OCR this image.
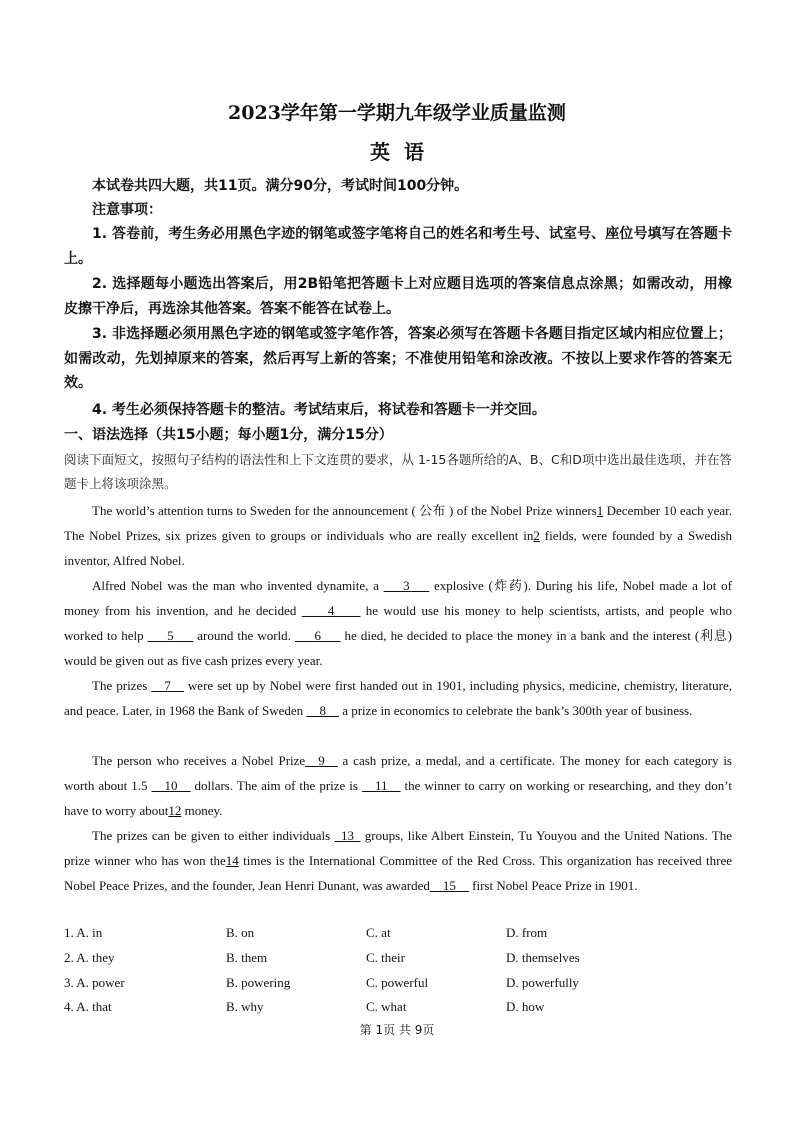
2023学年第一学期九年级学业质量监测
英语
本试卷共四大题，共11页。满分90分，考试时间100分钟。
注意事项：
1. 答卷前，考生务必用黑色字迹的钢笔或签字笔将自己的姓名和考生号、试室号、座位号填写在答题卡上。
2. 选择题每小题选出答案后，用2B铅笔把答题卡上对应题目选项的答案信息点涂黑；如需改动，用橡皮擦干净后，再选涂其他答案。答案不能答在试卷上。
3. 非选择题必须用黑色字迹的钢笔或签字笔作答，答案必须写在答题卡各题目指定区域内相应位置上；如需改动，先划掉原来的答案，然后再写上新的答案；不准使用铅笔和涂改液。不按以上要求作答的答案无效。
4. 考生必须保持答题卡的整洁。考试结束后，将试卷和答题卡一并交回。
一、语法选择（共15小题；每小题1分，满分15分）
阅读下面短文，按照句子结构的语法性和上下文连贯的要求，从 1-15各题所给的A、B、C和D项中选出最佳选项，并在答题卡上将该项涂黑。
The world’s attention turns to Sweden for the announcement ( 公布 ) of the Nobel Prize winners1 December 10 each year. The Nobel Prizes, six prizes given to groups or individuals who are really excellent in2 fields, were founded by a Swedish inventor, Alfred Nobel.
Alfred Nobel was the man who invented dynamite, a ___3___ explosive (炸药). During his life, Nobel made a lot of money from his invention, and he decided ____4____ he would use his money to help scientists, artists, and people who worked to help ___5___ around the world. ___6___ he died, he decided to place the money in a bank and the interest (利息) would be given out as five cash prizes every year.
The prizes __7__ were set up by Nobel were first handed out in 1901, including physics, medicine, chemistry, literature, and peace. Later, in 1968 the Bank of Sweden __8__ a prize in economics to celebrate the bank’s 300th year of business.
The person who receives a Nobel Prize__9__ a cash prize, a medal, and a certificate. The money for each category is worth about 1.5 __10__ dollars. The aim of the prize is __11__ the winner to carry on working or researching, and they don’t have to worry about12 money.
The prizes can be given to either individuals _13_ groups, like Albert Einstein, Tu Youyou and the United Nations. The prize winner who has won the14 times is the International Committee of the Red Cross. This organization has received three Nobel Peace Prizes, and the founder, Jean Henri Dunant, was awarded__15__ first Nobel Peace Prize in 1901.
1. A. in	B. on	C. at	D. from
2. A. they	B. them	C. their	D. themselves
3. A. power	B. powering	C. powerful	D. powerfully
4. A. that	B. why	C. what	D. how
第 1页 共 9页
